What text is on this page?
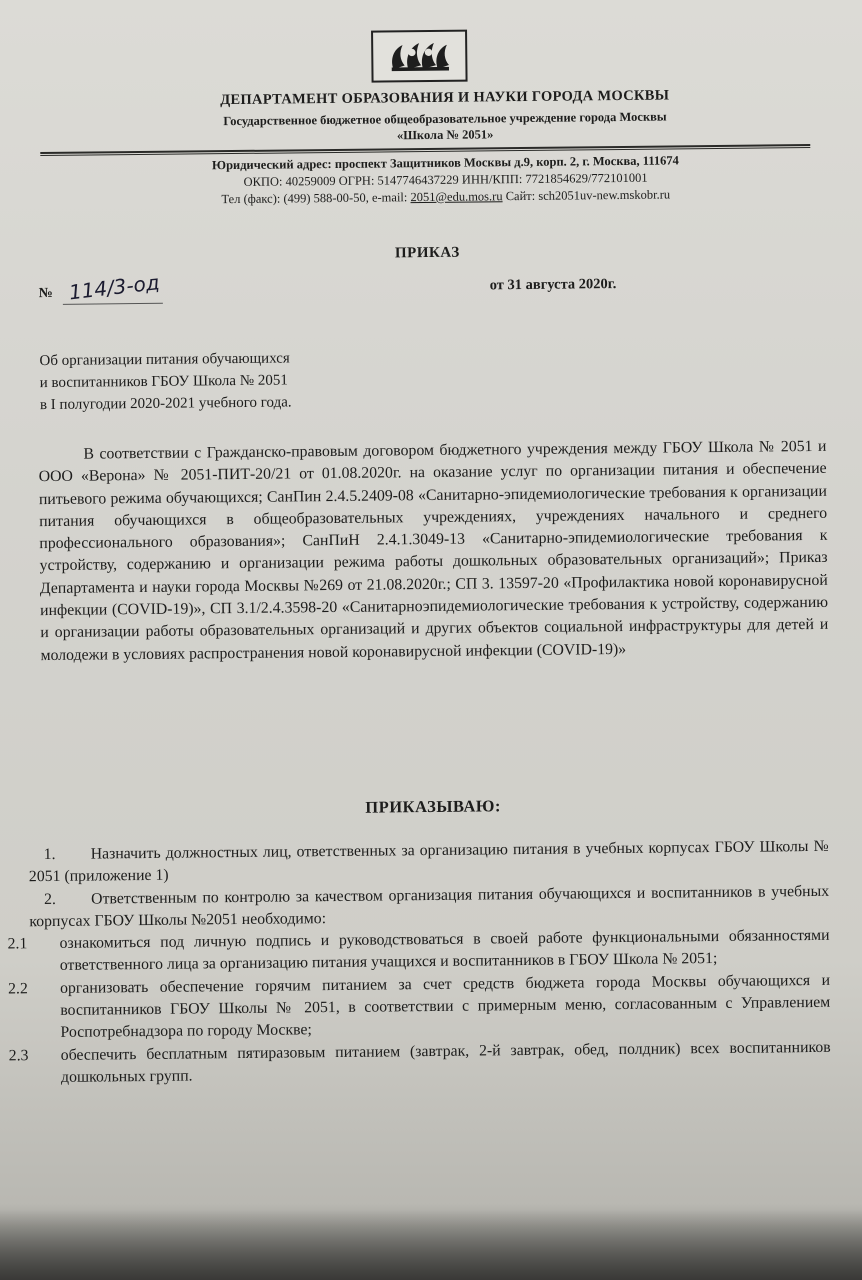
ДЕПАРТАМЕНТ ОБРАЗОВАНИЯ И НАУКИ ГОРОДА МОСКВЫ
Государственное бюджетное общеобразовательное учреждение города Москвы
«Школа № 2051»
Юридический адрес: проспект Защитников Москвы д.9, корп. 2, г. Москва, 111674
ОКПО: 40259009 ОГРН: 5147746437229 ИНН/КПП: 7721854629/772101001
Тел (факс): (499) 588-00-50, e-mail: 2051@edu.mos.ru Сайт: sch2051uv-new.mskobr.ru
ПРИКАЗ
№ 114/3-од	от 31 августа 2020г.
Об организации питания обучающихся
и воспитанников ГБОУ Школа № 2051
в I полугодии 2020-2021 учебного года.

В соответствии с Гражданско-правовым договором бюджетного учреждения между ГБОУ Школа № 2051 и ООО «Верона» № 2051-ПИТ-20/21 от 01.08.2020г. на оказание услуг по организации питания и обеспечение питьевого режима обучающихся; СанПин 2.4.5.2409-08 «Санитарно-эпидемиологические требования к организации питания обучающихся в общеобразовательных учреждениях, учреждениях начального и среднего профессионального образования»; СанПиН 2.4.1.3049-13 «Санитарно-эпидемиологические требования к устройству, содержанию и организации режима работы дошкольных образовательных организаций»; Приказ Департамента и науки города Москвы №269 от 21.08.2020г.; СП 3. 13597-20 «Профилактика новой коронавирусной инфекции (COVID-19)», СП 3.1/2.4.3598-20 «Санитарноэпидемиологические требования к устройству, содержанию и организации работы образовательных организаций и других объектов социальной инфраструктуры для детей и молодежи в условиях распространения новой коронавирусной инфекции (COVID-19)»

ПРИКАЗЫВАЮ:
1.	Назначить должностных лиц, ответственных за организацию питания в учебных корпусах ГБОУ Школы № 2051 (приложение 1)
2.	Ответственным по контролю за качеством организация питания обучающихся и воспитанников в учебных корпусах ГБОУ Школы №2051 необходимо:
2.1	ознакомиться под личную подпись и руководствоваться в своей работе функциональными обязанностями ответственного лица за организацию питания учащихся и воспитанников в ГБОУ Школа № 2051;
2.2	организовать обеспечение горячим питанием за счет средств бюджета города Москвы обучающихся и воспитанников ГБОУ Школы № 2051, в соответствии с примерным меню, согласованным с Управлением Роспотребнадзора по городу Москве;
2.3	обеспечить бесплатным пятиразовым питанием (завтрак, 2-й завтрак, обед, полдник) всех воспитанников дошкольных групп.
